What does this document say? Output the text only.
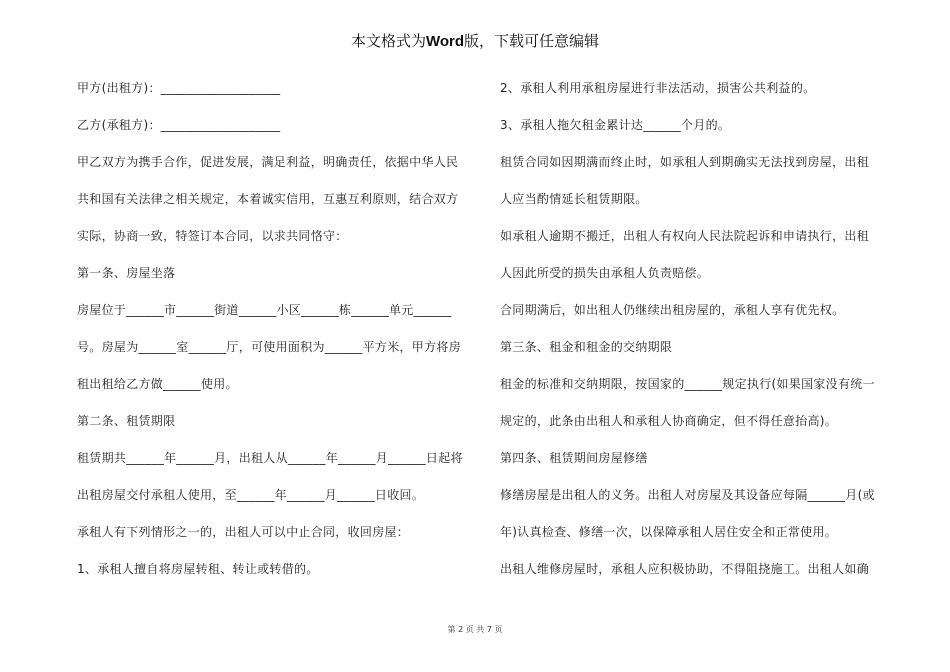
本文格式为Word版，下载可任意编辑
甲方(出租方)：___________________
乙方(承租方)：___________________
甲乙双方为携手合作，促进发展，满足利益，明确责任，依据中华人民
共和国有关法律之相关规定，本着诚实信用，互惠互利原则，结合双方
实际，协商一致，特签订本合同，以求共同恪守：
第一条、房屋坐落
房屋位于______市______街道______小区______栋______单元______
号。房屋为______室______厅，可使用面积为______平方米，甲方将房
租出租给乙方做______使用。
第二条、租赁期限
租赁期共______年______月，出租人从______年______月______日起将
出租房屋交付承租人使用，至______年______月______日收回。
承租人有下列情形之一的，出租人可以中止合同，收回房屋：
1、承租人擅自将房屋转租、转让或转借的。
2、承租人利用承租房屋进行非法活动，损害公共利益的。
3、承租人拖欠租金累计达______个月的。
租赁合同如因期满而终止时，如承租人到期确实无法找到房屋，出租
人应当酌情延长租赁期限。
如承租人逾期不搬迁，出租人有权向人民法院起诉和申请执行，出租
人因此所受的损失由承租人负责赔偿。
合同期满后，如出租人仍继续出租房屋的，承租人享有优先权。
第三条、租金和租金的交纳期限
租金的标准和交纳期限，按国家的______规定执行(如果国家没有统一
规定的，此条由出租人和承租人协商确定，但不得任意抬高)。
第四条、租赁期间房屋修缮
修缮房屋是出租人的义务。出租人对房屋及其设备应每隔______月(或
年)认真检查、修缮一次，以保障承租人居住安全和正常使用。
出租人维修房屋时，承租人应积极协助，不得阻挠施工。出租人如确
第 2 页 共 7 页
